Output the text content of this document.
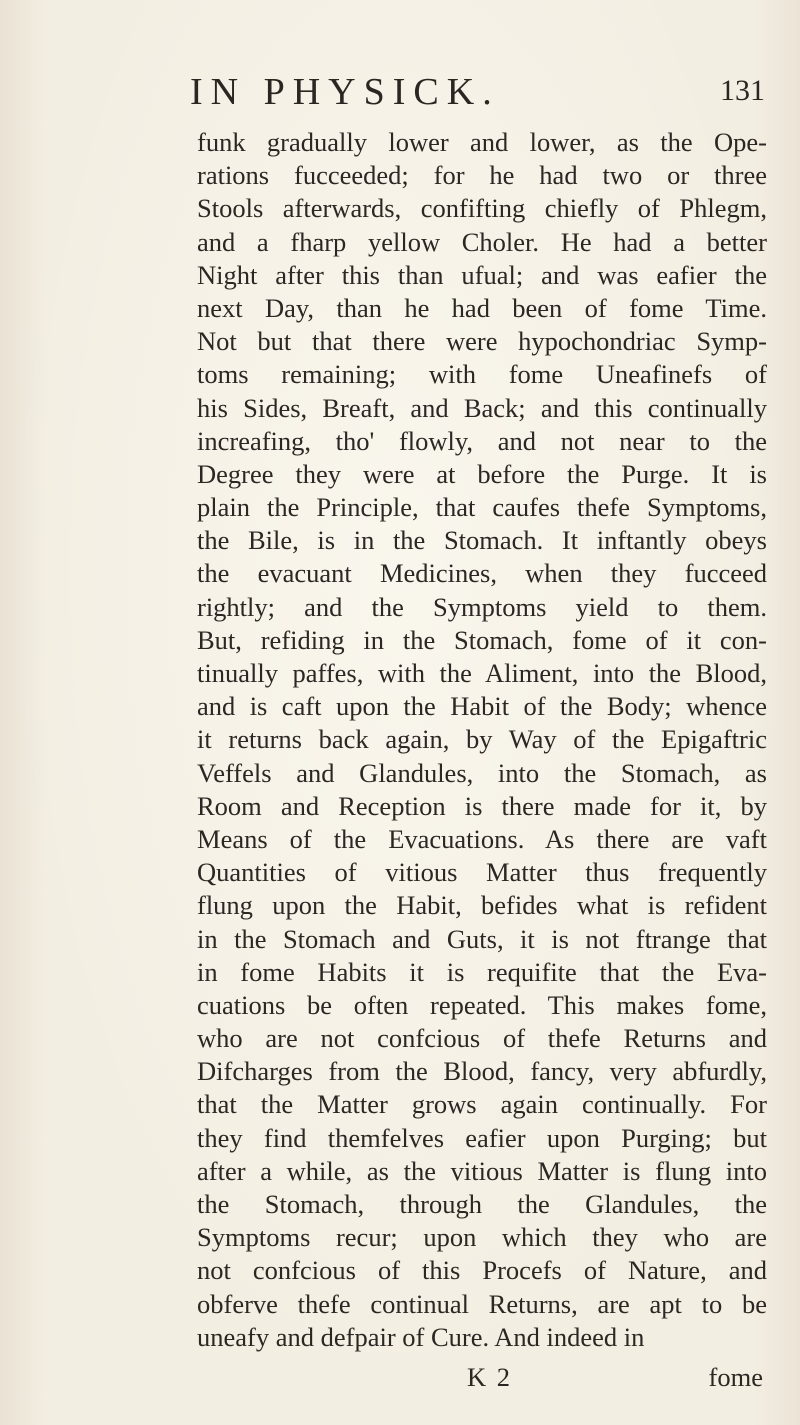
IN PHYSICK.	131
funk gradually lower and lower, as the Ope-
rations fucceeded; for he had two or three
Stools afterwards, confifting chiefly of Phlegm,
and a fharp yellow Choler. He had a better
Night after this than ufual; and was eafier the
next Day, than he had been of fome Time.
Not but that there were hypochondriac Symp-
toms remaining; with fome Uneafinefs of
his Sides, Breaft, and Back; and this continually
increafing, tho' flowly, and not near to the
Degree they were at before the Purge. It is
plain the Principle, that caufes thefe Symptoms,
the Bile, is in the Stomach. It inftantly obeys
the evacuant Medicines, when they fucceed
rightly; and the Symptoms yield to them.
But, refiding in the Stomach, fome of it con-
tinually paffes, with the Aliment, into the Blood,
and is caft upon the Habit of the Body; whence
it returns back again, by Way of the Epigaftric
Veffels and Glandules, into the Stomach, as
Room and Reception is there made for it, by
Means of the Evacuations. As there are vaft
Quantities of vitious Matter thus frequently
flung upon the Habit, befides what is refident
in the Stomach and Guts, it is not ftrange that
in fome Habits it is requifite that the Eva-
cuations be often repeated. This makes fome,
who are not confcious of thefe Returns and
Difcharges from the Blood, fancy, very abfurdly,
that the Matter grows again continually. For
they find themfelves eafier upon Purging; but
after a while, as the vitious Matter is flung into
the Stomach, through the Glandules, the
Symptoms recur; upon which they who are
not confcious of this Procefs of Nature, and
obferve thefe continual Returns, are apt to be
uneafy and defpair of Cure. And indeed in
K 2	fome
